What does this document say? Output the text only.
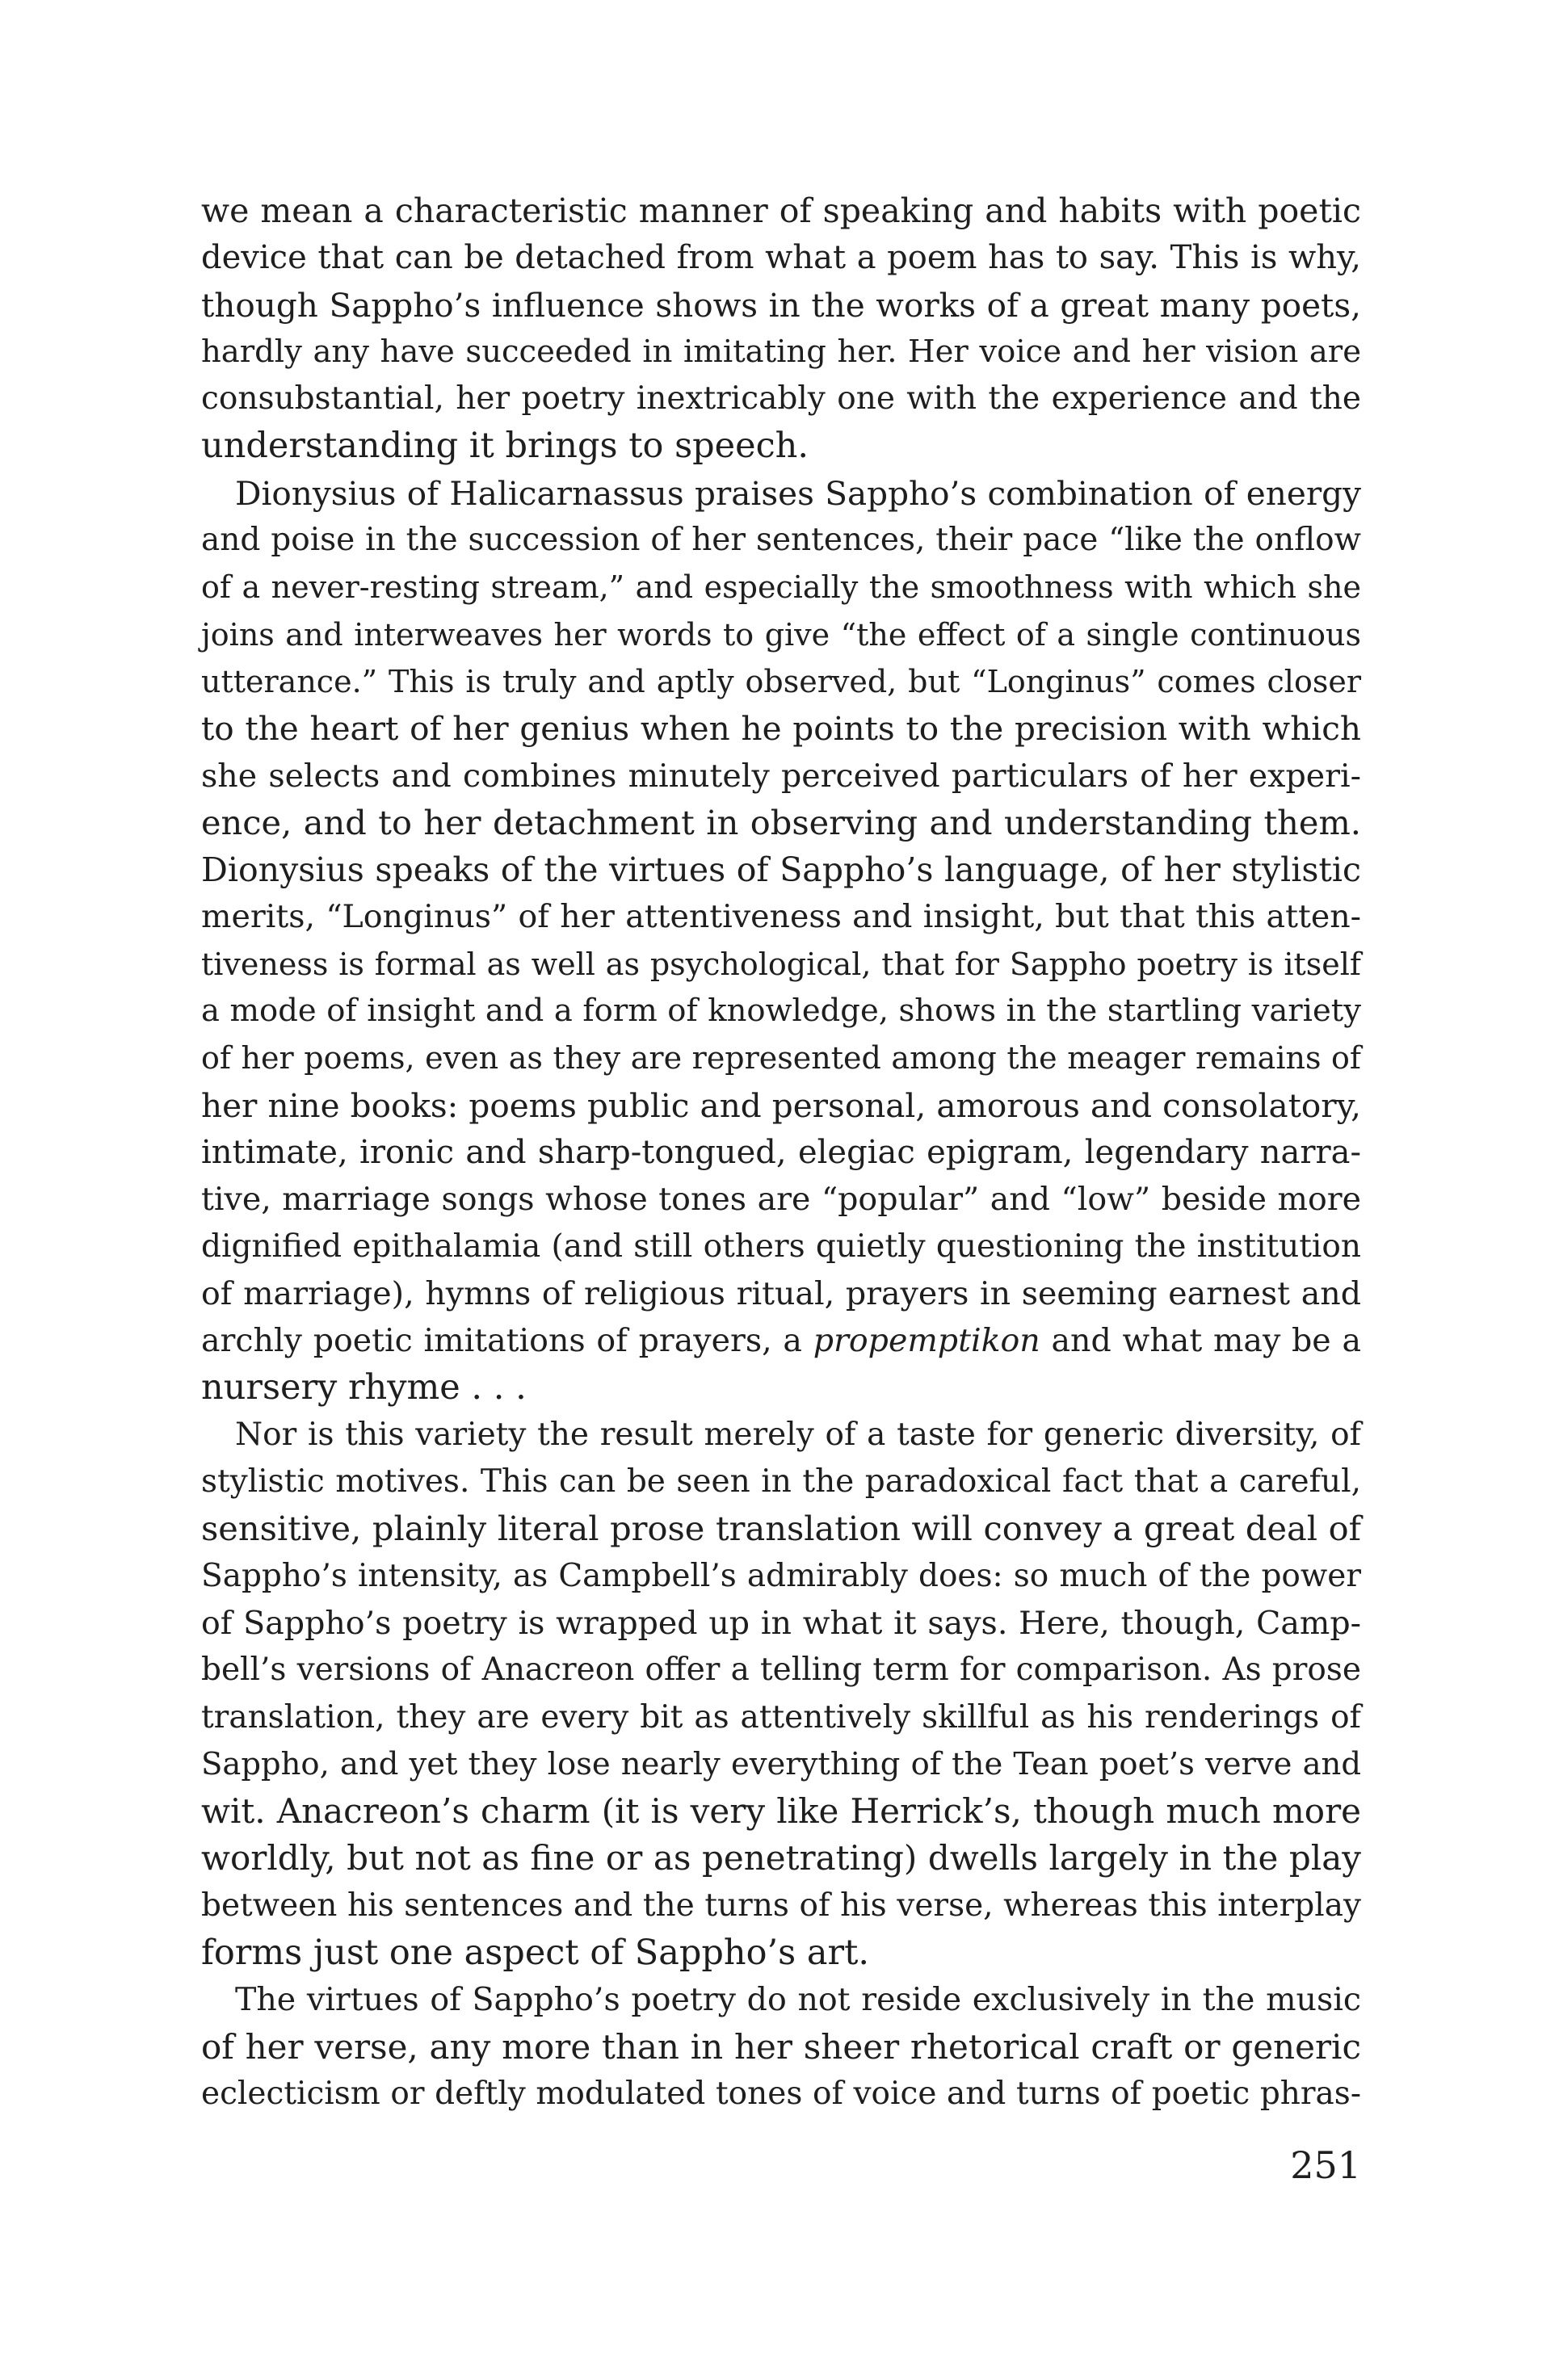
we mean a characteristic manner of speaking and habits with poetic
device that can be detached from what a poem has to say. This is why,
though Sappho’s influence shows in the works of a great many poets,
hardly any have succeeded in imitating her. Her voice and her vision are
consubstantial, her poetry inextricably one with the experience and the
understanding it brings to speech.
Dionysius of Halicarnassus praises Sappho’s combination of energy
and poise in the succession of her sentences, their pace “like the onflow
of a never-resting stream,” and especially the smoothness with which she
joins and interweaves her words to give “the effect of a single continuous
utterance.” This is truly and aptly observed, but “Longinus” comes closer
to the heart of her genius when he points to the precision with which
she selects and combines minutely perceived particulars of her experi-
ence, and to her detachment in observing and understanding them.
Dionysius speaks of the virtues of Sappho’s language, of her stylistic
merits, “Longinus” of her attentiveness and insight, but that this atten-
tiveness is formal as well as psychological, that for Sappho poetry is itself
a mode of insight and a form of knowledge, shows in the startling variety
of her poems, even as they are represented among the meager remains of
her nine books: poems public and personal, amorous and consolatory,
intimate, ironic and sharp-tongued, elegiac epigram, legendary narra-
tive, marriage songs whose tones are “popular” and “low” beside more
dignified epithalamia (and still others quietly questioning the institution
of marriage), hymns of religious ritual, prayers in seeming earnest and
archly poetic imitations of prayers, a propemptikon and what may be a
nursery rhyme . . .
Nor is this variety the result merely of a taste for generic diversity, of
stylistic motives. This can be seen in the paradoxical fact that a careful,
sensitive, plainly literal prose translation will convey a great deal of
Sappho’s intensity, as Campbell’s admirably does: so much of the power
of Sappho’s poetry is wrapped up in what it says. Here, though, Camp-
bell’s versions of Anacreon offer a telling term for comparison. As prose
translation, they are every bit as attentively skillful as his renderings of
Sappho, and yet they lose nearly everything of the Tean poet’s verve and
wit. Anacreon’s charm (it is very like Herrick’s, though much more
worldly, but not as fine or as penetrating) dwells largely in the play
between his sentences and the turns of his verse, whereas this interplay
forms just one aspect of Sappho’s art.
The virtues of Sappho’s poetry do not reside exclusively in the music
of her verse, any more than in her sheer rhetorical craft or generic
eclecticism or deftly modulated tones of voice and turns of poetic phras-
251
